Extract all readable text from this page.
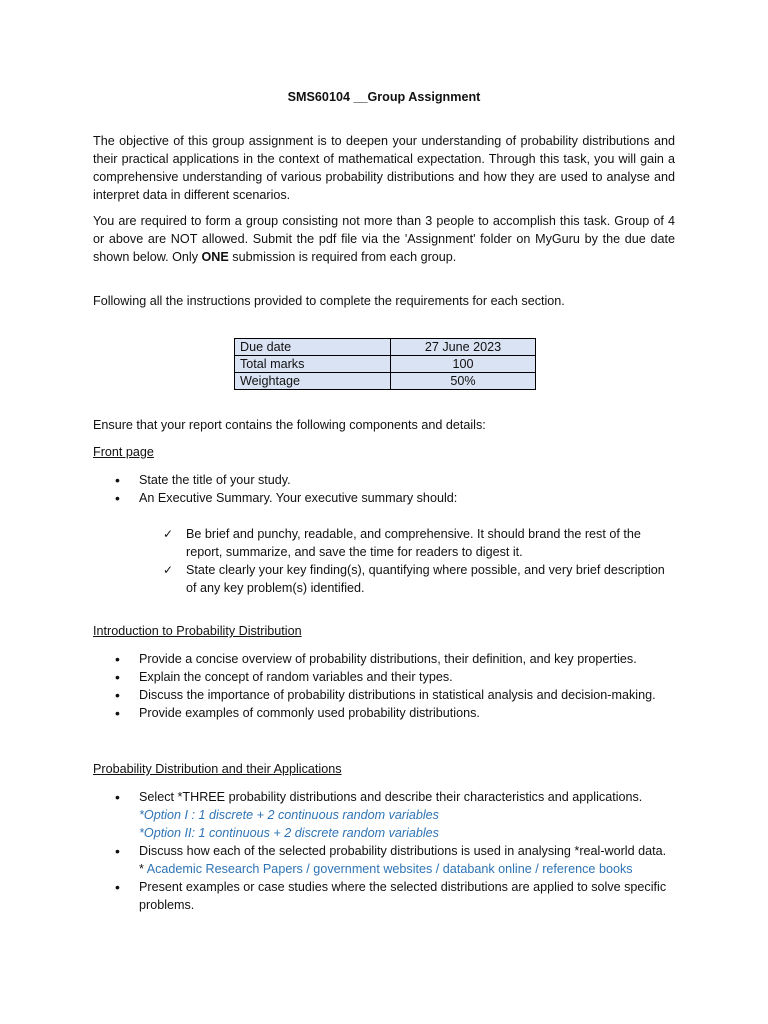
SMS60104 __Group Assignment

The objective of this group assignment is to deepen your understanding of probability distributions and their practical applications in the context of mathematical expectation. Through this task, you will gain a comprehensive understanding of various probability distributions and how they are used to analyse and interpret data in different scenarios.

You are required to form a group consisting not more than 3 people to accomplish this task. Group of 4 or above are NOT allowed. Submit the pdf file via the 'Assignment' folder on MyGuru by the due date shown below. Only ONE submission is required from each group.

Following all the instructions provided to complete the requirements for each section.

Due date	27 June 2023
Total marks	100
Weightage	50%

Ensure that your report contains the following components and details:

Front page

• State the title of your study.
• An Executive Summary. Your executive summary should:
✓ Be brief and punchy, readable, and comprehensive. It should brand the rest of the report, summarize, and save the time for readers to digest it.
✓ State clearly your key finding(s), quantifying where possible, and very brief description of any key problem(s) identified.

Introduction to Probability Distribution

• Provide a concise overview of probability distributions, their definition, and key properties.
• Explain the concept of random variables and their types.
• Discuss the importance of probability distributions in statistical analysis and decision-making.
• Provide examples of commonly used probability distributions.

Probability Distribution and their Applications

• Select *THREE probability distributions and describe their characteristics and applications.
*Option I : 1 discrete + 2 continuous random variables
*Option II: 1 continuous + 2 discrete random variables
• Discuss how each of the selected probability distributions is used in analysing *real-world data.
* Academic Research Papers / government websites / databank online / reference books
• Present examples or case studies where the selected distributions are applied to solve specific problems.
